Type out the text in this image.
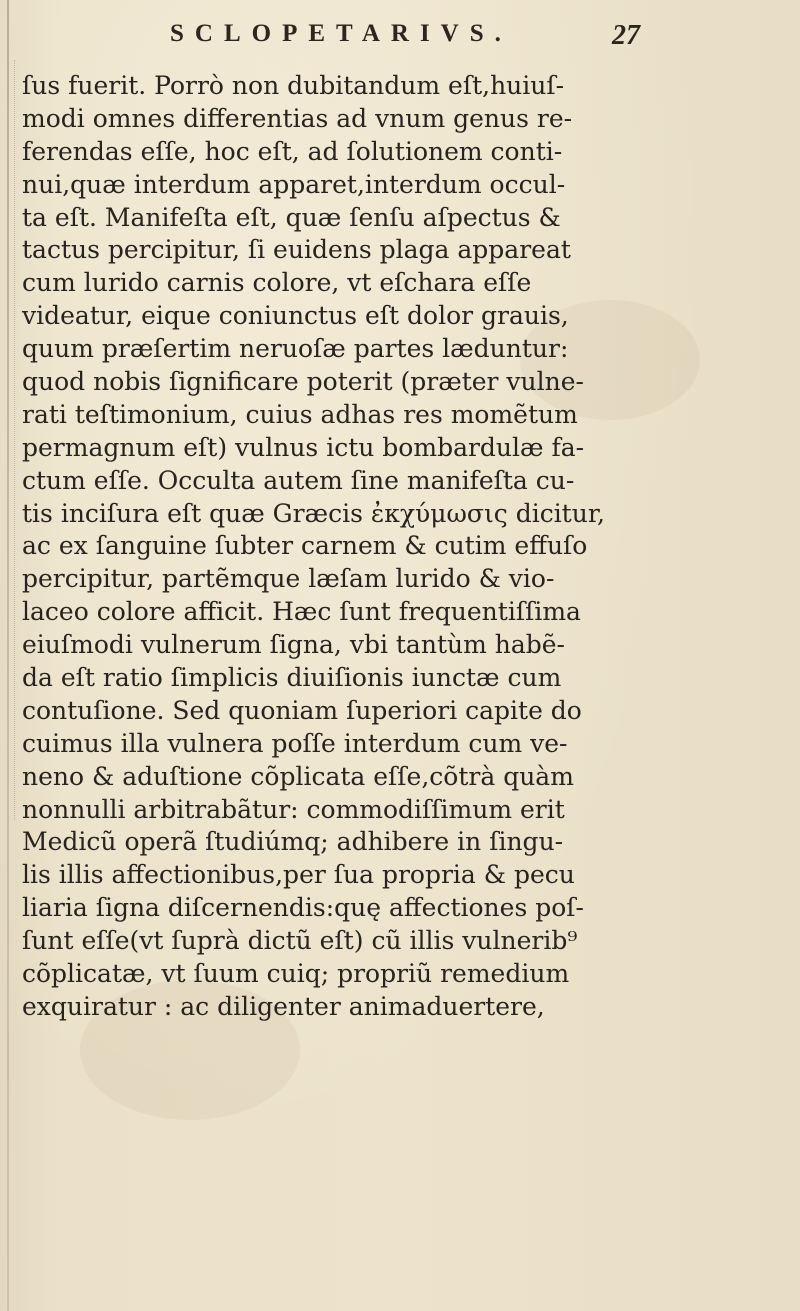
SCLOPETARIVS.	27
ſus fuerit. Porrò non dubitandum eſt,huiuſ-
modi omnes differentias ad vnum genus re-
ferendas eſſe, hoc eſt, ad ſolutionem conti-
nui,quæ interdum apparet,interdum occul-
ta eſt. Manifeſta eſt, quæ ſenſu aſpectus &
tactus percipitur, ſi euidens plaga appareat
cum lurido carnis colore, vt eſchara eſſe
videatur, eique coniunctus eſt dolor grauis,
quum præſertim neruoſæ partes læduntur:
quod nobis ſignificare poterit (præter vulne-
rati teſtimonium, cuius adhas res momẽtum
permagnum eſt) vulnus ictu bombardulæ fa-
ctum eſſe. Occulta autem ſine manifeſta cu-
tis inciſura eſt quæ Græcis ἐκχύμωσις dicitur,
ac ex ſanguine ſubter carnem & cutim effuſo
percipitur, partẽmque læſam lurido & vio-
laceo colore afficit. Hæc ſunt frequentiſſima
eiuſmodi vulnerum ſigna, vbi tantùm habẽ-
da eſt ratio ſimplicis diuiſionis iunctæ cum
contuſione. Sed quoniam ſuperiori capite do
cuimus illa vulnera poſſe interdum cum ve-
neno & aduſtione cõplicata eſſe,cõtrà quàm
nonnulli arbitrabãtur: commodiſſimum erit
Medicũ operã ſtudiúmq; adhibere in ſingu-
lis illis affectionibus,per ſua propria & pecu
liaria ſigna diſcernendis:quę affectiones poſ-
ſunt eſſe(vt ſuprà dictũ eſt) cũ illis vulnerib⁹
cõplicatæ, vt ſuum cuiq; propriũ remedium
exquiratur : ac diligenter animaduertere,
